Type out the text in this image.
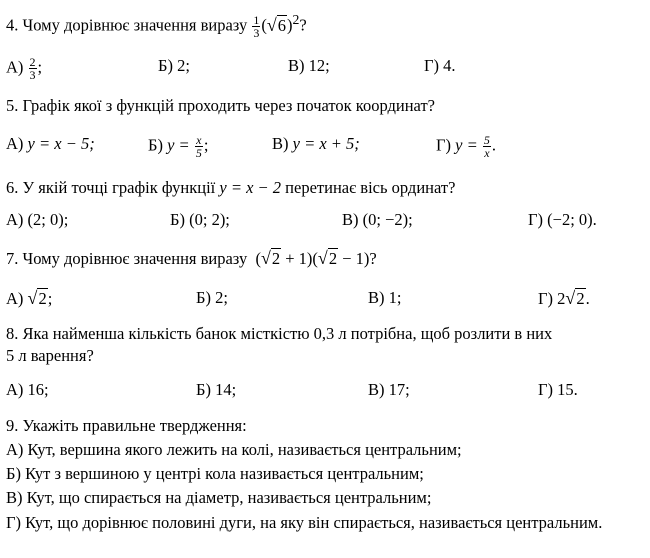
4. Чому дорівнює значення виразу $\frac{1}{3} (√6)^2$?
$А) \frac{2}{3}$ ;	Б) 2;	В) 12;	Г) 4.
5. Графік якої з функцій проходить через початок координат?
А) y = x − 5;	Б) $y = \frac{x}{5}$ ;	В) y = x + 5;	Г) $y = \frac{5}{x}$ .
6. У якій точці графік функції y = x − 2 перетинає вісь ординат?
А) (2; 0);	Б) (0; 2);	В) (0; −2);	Г) (−2; 0).
7. Чому дорівнює значення виразу  (√2 + 1)(√2 − 1)?
А) √2;	Б) 2;	В) 1;	Г) 2√2.
8. Яка найменша кількість банок місткістю 0,3 л потрібна, щоб розлити в них
5 л варення?
А) 16;	Б) 14;	В) 17;	Г) 15.
9. Укажіть правильне твердження:
А) Кут, вершина якого лежить на колі, називається центральним;
Б) Кут з вершиною у центрі кола називається центральним;
В) Кут, що спирається на діаметр, називається центральним;
Г) Кут, що дорівнює половині дуги, на яку він спирається, називається центральним.
